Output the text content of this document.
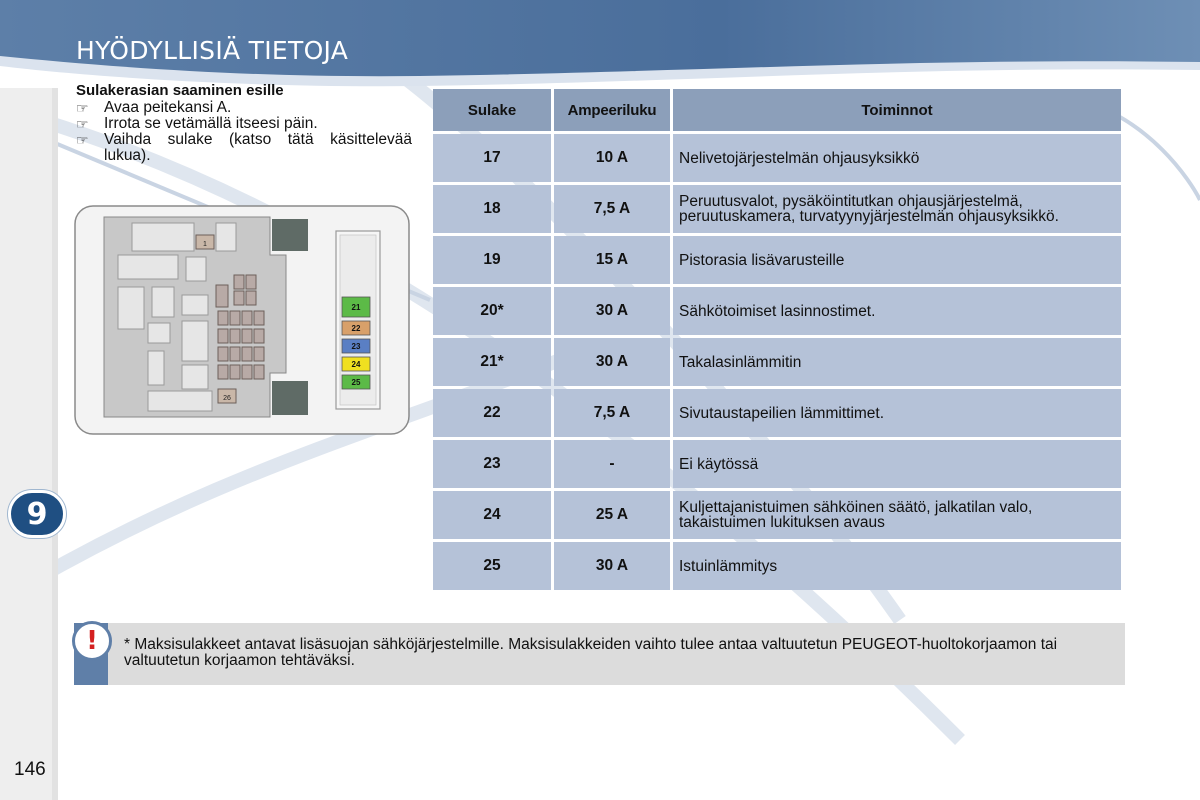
HYÖDYLLISIÄ TIETOJA
9
146
Sulakerasian saaminen esille
☞ Avaa peitekansi A.
☞ Irrota se vetämällä itseesi päin.
☞ Vaihda sulake (katso tätä käsittelevää lukua).
1
26
21
22
23
24
25
Sulake	Ampeeriluku	Toiminnot
17	10 A	Nelivetojärjestelmän ohjausyksikkö
18	7,5 A	Peruutusvalot, pysäköintitutkan ohjausjärjestelmä, peruutuskamera, turvatyynyjärjestelmän ohjausyksikkö.
19	15 A	Pistorasia lisävarusteille
20*	30 A	Sähkötoimiset lasinnostimet.
21*	30 A	Takalasinlämmitin
22	7,5 A	Sivutaustapeilien lämmittimet.
23	-	Ei käytössä
24	25 A	Kuljettajanistuimen sähköinen säätö, jalkatilan valo, takaistuimen lukituksen avaus
25	30 A	Istuinlämmitys
!	* Maksisulakkeet antavat lisäsuojan sähköjärjestelmille. Maksisulakkeiden vaihto tulee antaa valtuutetun PEUGEOT-huoltokorjaamon tai valtuutetun korjaamon tehtäväksi.
